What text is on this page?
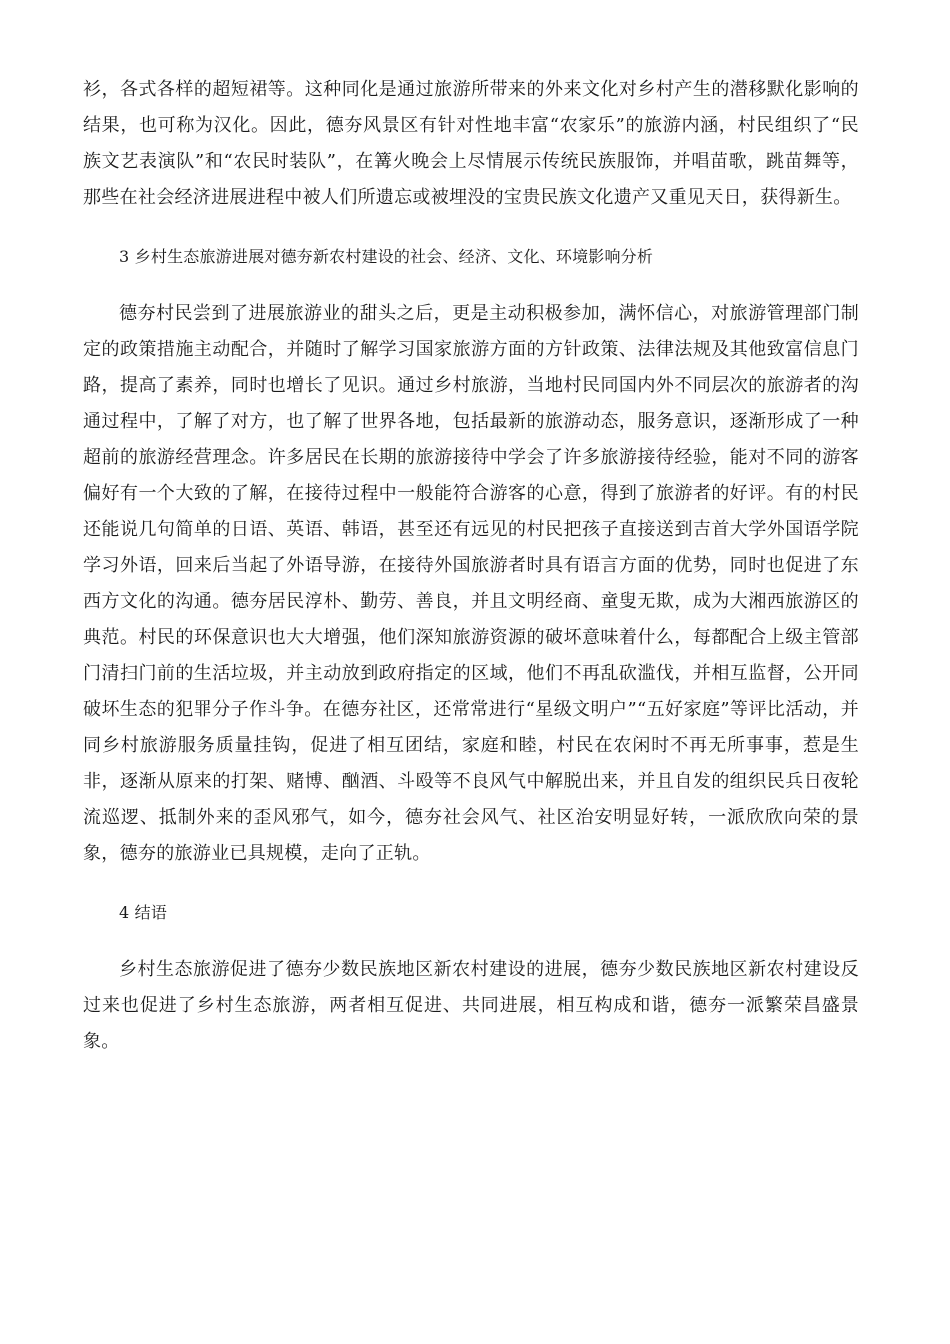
衫，各式各样的超短裙等。这种同化是通过旅游所带来的外来文化对乡村产生的潜移默化影响的结果，也可称为汉化。因此，德夯风景区有针对性地丰富“农家乐”的旅游内涵，村民组织了“民族文艺表演队”和“农民时装队”，在篝火晚会上尽情展示传统民族服饰，并唱苗歌，跳苗舞等，那些在社会经济进展进程中被人们所遗忘或被埋没的宝贵民族文化遗产又重见天日，获得新生。

3 乡村生态旅游进展对德夯新农村建设的社会、经济、文化、环境影响分析

德夯村民尝到了进展旅游业的甜头之后，更是主动积极参加，满怀信心，对旅游管理部门制定的政策措施主动配合，并随时了解学习国家旅游方面的方针政策、法律法规及其他致富信息门路，提高了素养，同时也增长了见识。通过乡村旅游，当地村民同国内外不同层次的旅游者的沟通过程中，了解了对方，也了解了世界各地，包括最新的旅游动态，服务意识，逐渐形成了一种超前的旅游经营理念。许多居民在长期的旅游接待中学会了许多旅游接待经验，能对不同的游客偏好有一个大致的了解，在接待过程中一般能符合游客的心意，得到了旅游者的好评。有的村民还能说几句简单的日语、英语、韩语，甚至还有远见的村民把孩子直接送到吉首大学外国语学院学习外语，回来后当起了外语导游，在接待外国旅游者时具有语言方面的优势，同时也促进了东西方文化的沟通。德夯居民淳朴、勤劳、善良，并且文明经商、童叟无欺，成为大湘西旅游区的典范。村民的环保意识也大大增强，他们深知旅游资源的破坏意味着什么，每都配合上级主管部门清扫门前的生活垃圾，并主动放到政府指定的区域，他们不再乱砍滥伐，并相互监督，公开同破坏生态的犯罪分子作斗争。在德夯社区，还常常进行“星级文明户”“五好家庭”等评比活动，并同乡村旅游服务质量挂钩，促进了相互团结，家庭和睦，村民在农闲时不再无所事事，惹是生非，逐渐从原来的打架、赌博、酗酒、斗殴等不良风气中解脱出来，并且自发的组织民兵日夜轮流巡逻、抵制外来的歪风邪气，如今，德夯社会风气、社区治安明显好转，一派欣欣向荣的景象，德夯的旅游业已具规模，走向了正轨。

4 结语

乡村生态旅游促进了德夯少数民族地区新农村建设的进展，德夯少数民族地区新农村建设反过来也促进了乡村生态旅游，两者相互促进、共同进展，相互构成和谐，德夯一派繁荣昌盛景象。
